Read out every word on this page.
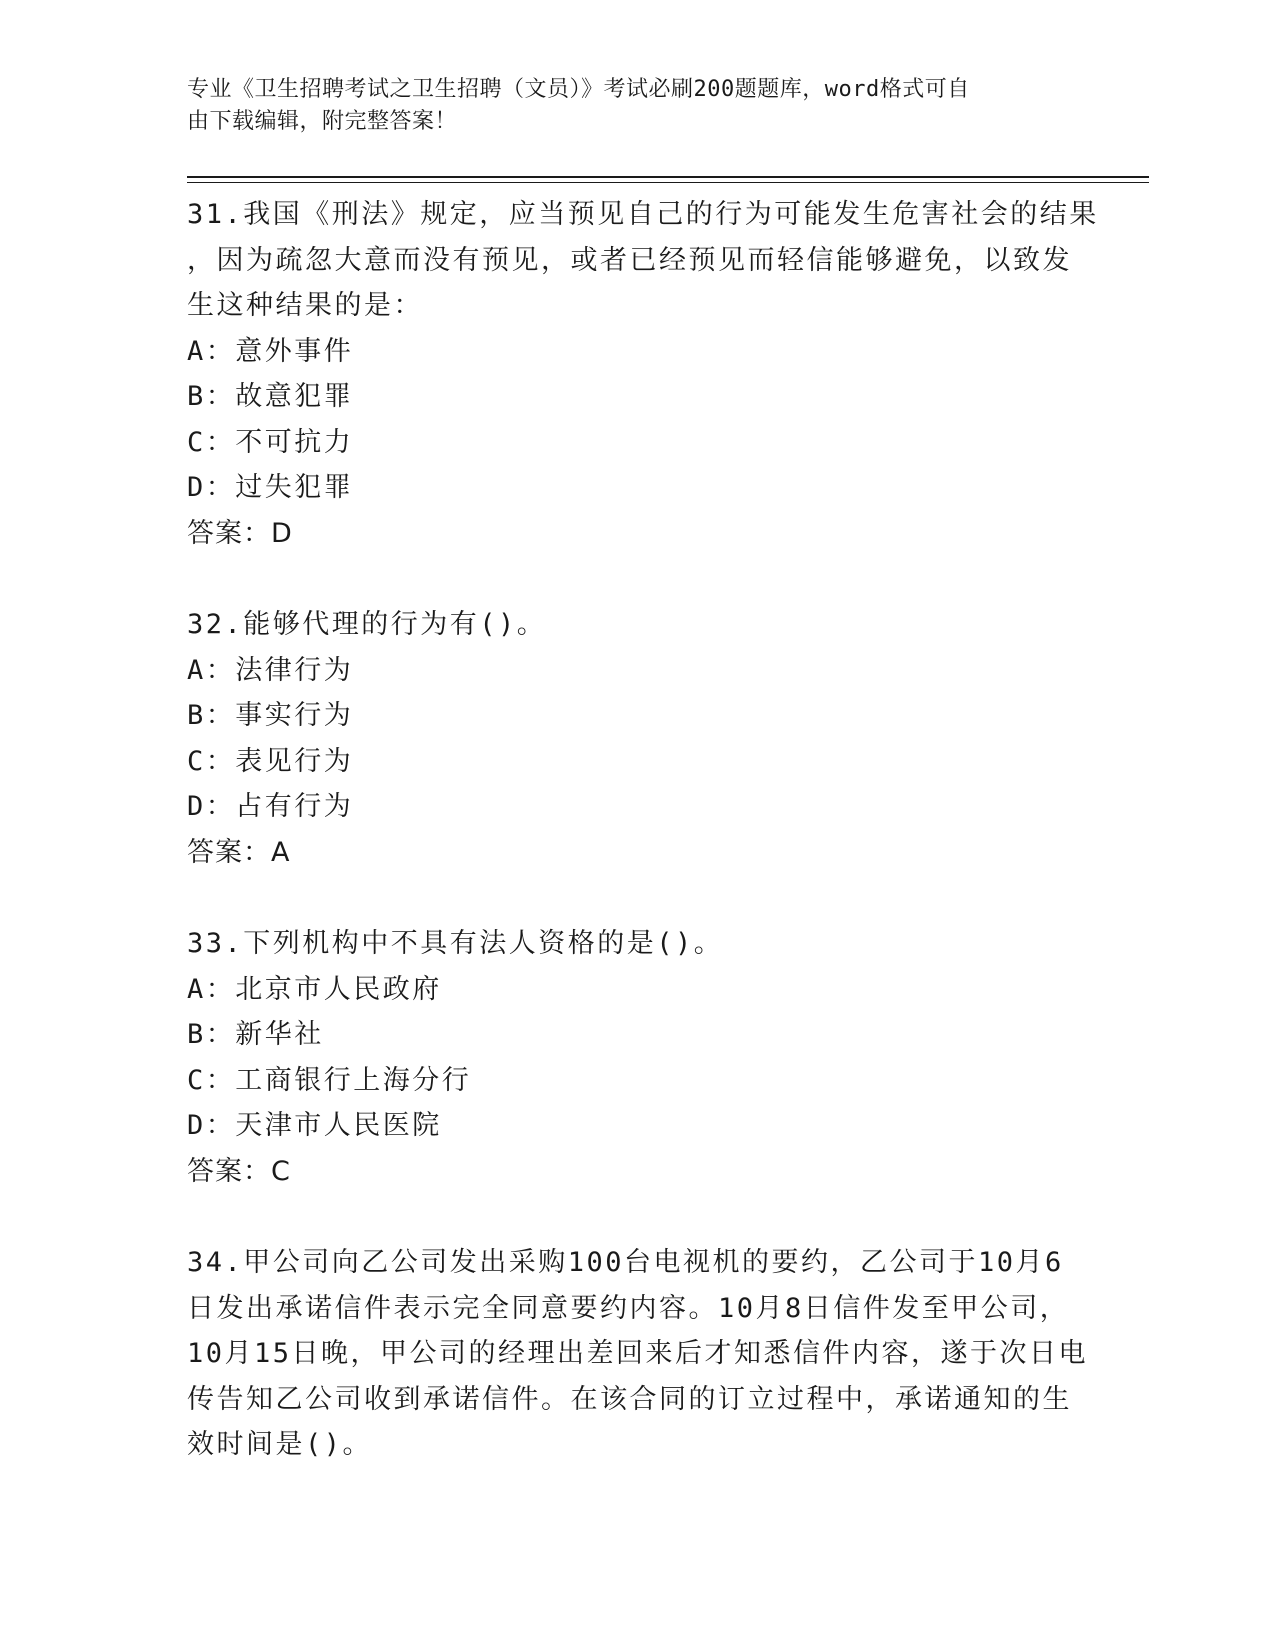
专业《卫生招聘考试之卫生招聘（文员）》考试必刷200题题库，word格式可自
由下载编辑，附完整答案！
31.我国《刑法》规定，应当预见自己的行为可能发生危害社会的结果
，因为疏忽大意而没有预见，或者已经预见而轻信能够避免，以致发
生这种结果的是：
A：意外事件
B：故意犯罪
C：不可抗力
D：过失犯罪
答案：D
32.能够代理的行为有()。
A：法律行为
B：事实行为
C：表见行为
D：占有行为
答案：A
33.下列机构中不具有法人资格的是()。
A：北京市人民政府
B：新华社
C：工商银行上海分行
D：天津市人民医院
答案：C
34.甲公司向乙公司发出采购100台电视机的要约，乙公司于10月6
日发出承诺信件表示完全同意要约内容。10月8日信件发至甲公司，
10月15日晚，甲公司的经理出差回来后才知悉信件内容，遂于次日电
传告知乙公司收到承诺信件。在该合同的订立过程中，承诺通知的生
效时间是()。
